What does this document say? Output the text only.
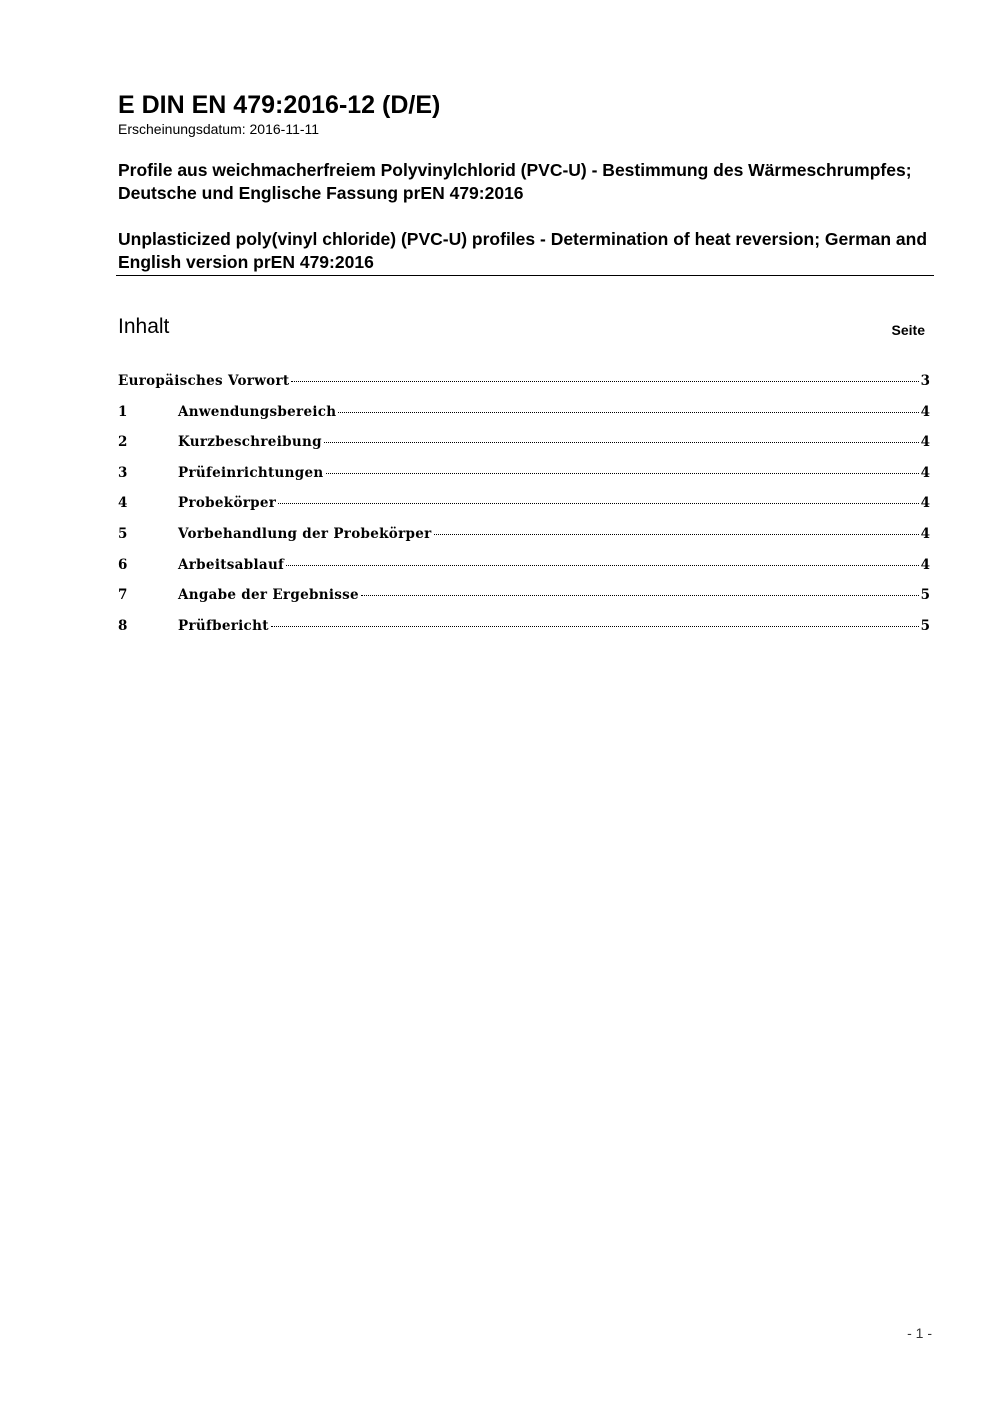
E DIN EN 479:2016-12 (D/E)
Erscheinungsdatum: 2016-11-11
Profile aus weichmacherfreiem Polyvinylchlorid (PVC-U) - Bestimmung des Wärmeschrumpfes; Deutsche und Englische Fassung prEN 479:2016
Unplasticized poly(vinyl chloride) (PVC-U) profiles - Determination of heat reversion; German and English version prEN 479:2016
Inhalt	Seite
Europäisches Vorwort	3
1	Anwendungsbereich	4
2	Kurzbeschreibung	4
3	Prüfeinrichtungen	4
4	Probekörper	4
5	Vorbehandlung der Probekörper	4
6	Arbeitsablauf	4
7	Angabe der Ergebnisse	5
8	Prüfbericht	5
- 1 -
